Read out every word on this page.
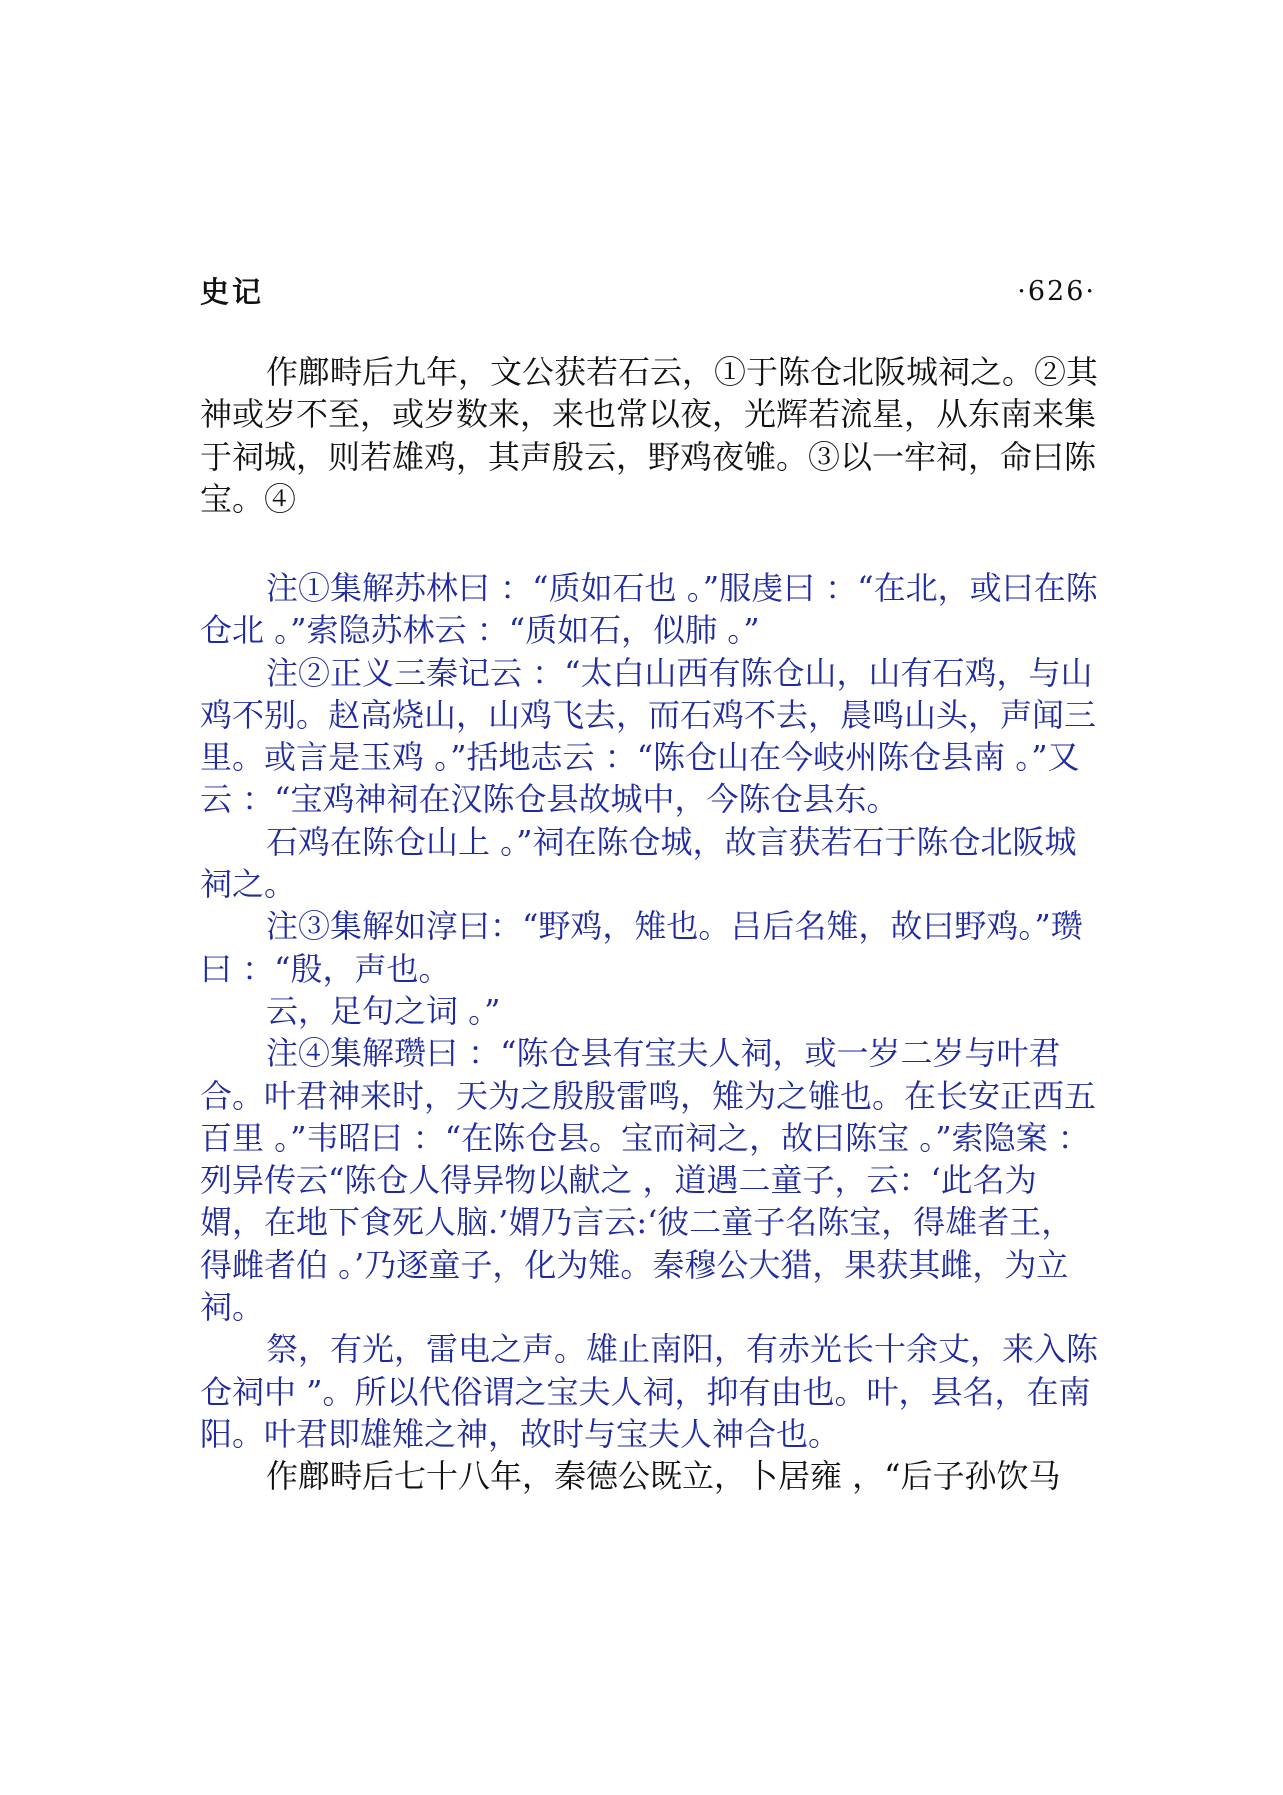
史记	·626·

作鄜畤后九年，文公获若石云，①于陈仓北阪城祠之。②其神或岁不至，或岁数来，来也常以夜，光辉若流星，从东南来集于祠城，则若雄鸡，其声殷云，野鸡夜雊。③以一牢祠，命曰陈宝。④

注①集解苏林曰 ：“质如石也 。”服虔曰 ：“在北，或曰在陈仓北 。”索隐苏林云 ：“质如石，似肺 。”

注②正义三秦记云 ：“太白山西有陈仓山，山有石鸡，与山鸡不别。赵高烧山，山鸡飞去，而石鸡不去，晨鸣山头，声闻三里。或言是玉鸡 。”括地志云 ：“陈仓山在今岐州陈仓县南 。”又云 ：“宝鸡神祠在汉陈仓县故城中，今陈仓县东。

石鸡在陈仓山上 。”祠在陈仓城，故言获若石于陈仓北阪城祠之。

注③集解如淳曰：“野鸡，雉也。吕后名雉，故曰野鸡。”瓒曰 ：“殷，声也。

云，足句之词 。”

注④集解瓒曰 ：“陈仓县有宝夫人祠，或一岁二岁与叶君合。叶君神来时，天为之殷殷雷鸣，雉为之雊也。在长安正西五百里 。”韦昭曰 ：“在陈仓县。宝而祠之，故曰陈宝 。”索隐案 ：列异传云“陈仓人得异物以献之 ，道遇二童子，云：‘此名为媦，在地下食死人脑.’媦乃言云:‘彼二童子名陈宝，得雄者王，得雌者伯 。’乃逐童子，化为雉。秦穆公大猎，果获其雌，为立祠。

祭，有光，雷电之声。雄止南阳，有赤光长十余丈，来入陈仓祠中 ”。所以代俗谓之宝夫人祠，抑有由也。叶，县名，在南阳。叶君即雄雉之神，故时与宝夫人神合也。

作鄜畤后七十八年，秦德公既立，卜居雍 ，“后子孙饮马
